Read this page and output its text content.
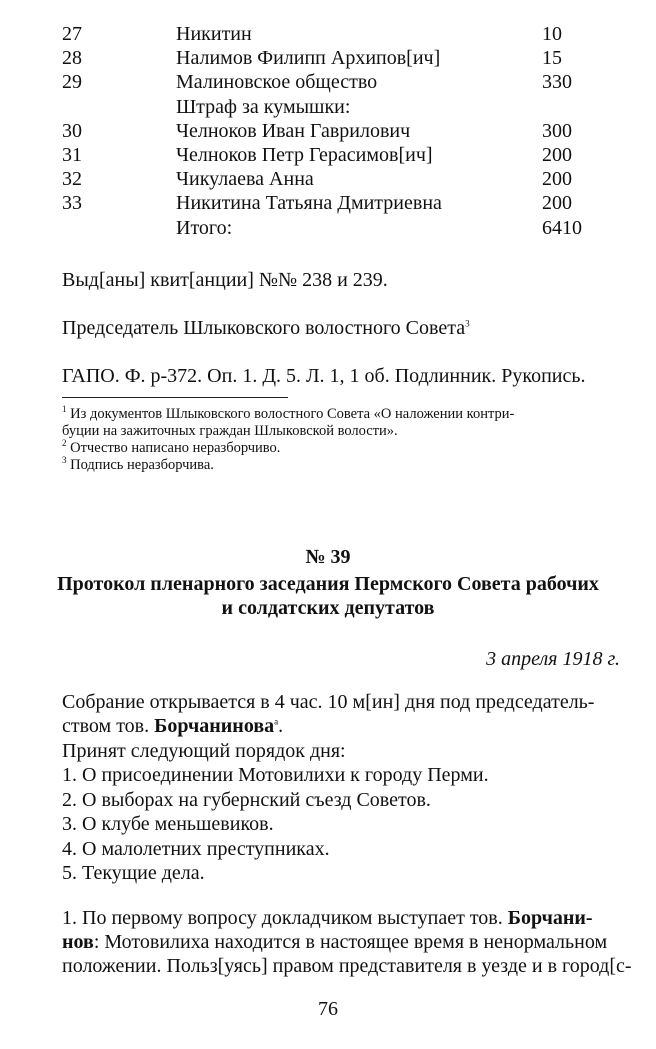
27	Никитин	10
28	Налимов Филипп Архипов[ич]	15
29	Малиновское общество	330
Штраф за кумышки:
30	Челноков Иван Гаврилович	300
31	Челноков Петр Герасимов[ич]	200
32	Чикулаева Анна	200
33	Никитина Татьяна Дмитриевна	200
Итого:	6410
Выд[аны] квит[анции] №№ 238 и 239.
Председатель Шлыковского волостного Совета$^3$
ГАПО. Ф. р-372. Оп. 1. Д. 5. Л. 1, 1 об. Подлинник. Рукопись.
$^1$ Из документов Шлыковского волостного Совета «О наложении контри-
буции на зажиточных граждан Шлыковской волости».
$^2$ Отчество написано неразборчиво.
$^3$ Подпись неразборчива.
№ 39
Протокол пленарного заседания Пермского Совета рабочих
и солдатских депутатов
3 апреля 1918 г.
Собрание открывается в 4 час. 10 м[ин] дня под председатель-
ством тов. Борчанинова$^а$.
Принят следующий порядок дня:
1. О присоединении Мотовилихи к городу Перми.
2. О выборах на губернский съезд Советов.
3. О клубе меньшевиков.
4. О малолетних преступниках.
5. Текущие дела.
1. По первому вопросу докладчиком выступает тов. Борчани-
нов: Мотовилиха находится в настоящее время в ненормальном
положении. Польз[уясь] правом представителя в уезде и в город[с-
76
